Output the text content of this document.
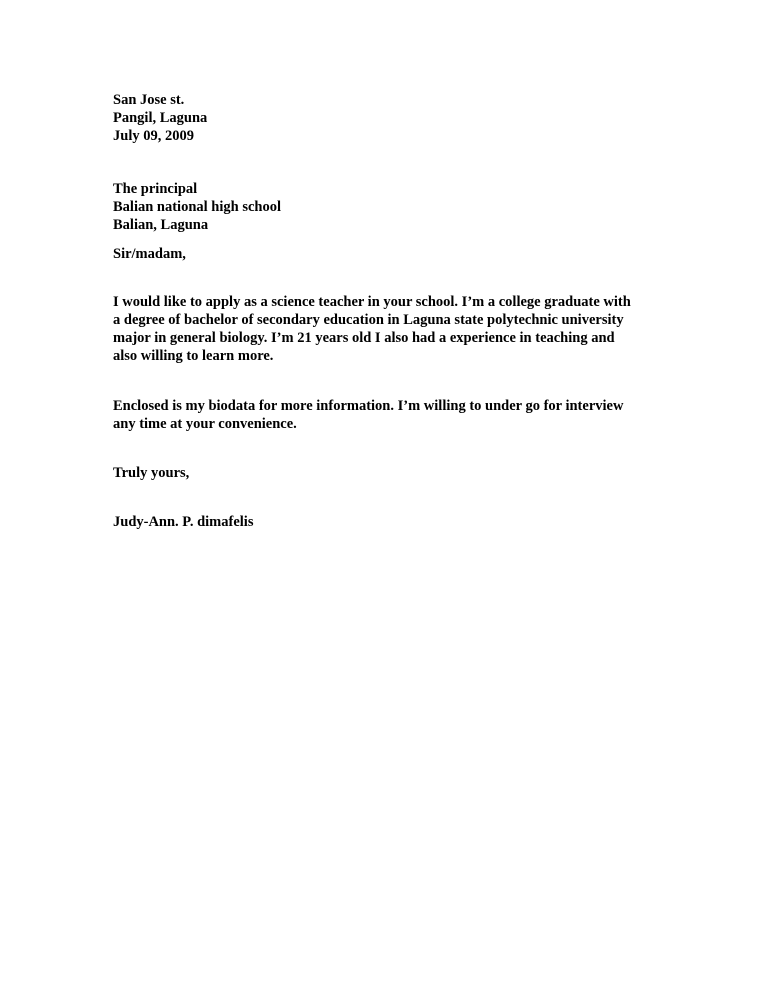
San Jose st.
Pangil, Laguna
July 09, 2009
The principal
Balian national high school
Balian, Laguna
Sir/madam,
I would like to apply as a science teacher in your school. I’m a college graduate with
a degree of bachelor of secondary education in Laguna state polytechnic university
major in general biology. I’m 21 years old I also had a experience in teaching and
also willing to learn more.
Enclosed is my biodata for more information. I’m willing to under go for interview
any time at your convenience.
Truly yours,
Judy-Ann. P. dimafelis
